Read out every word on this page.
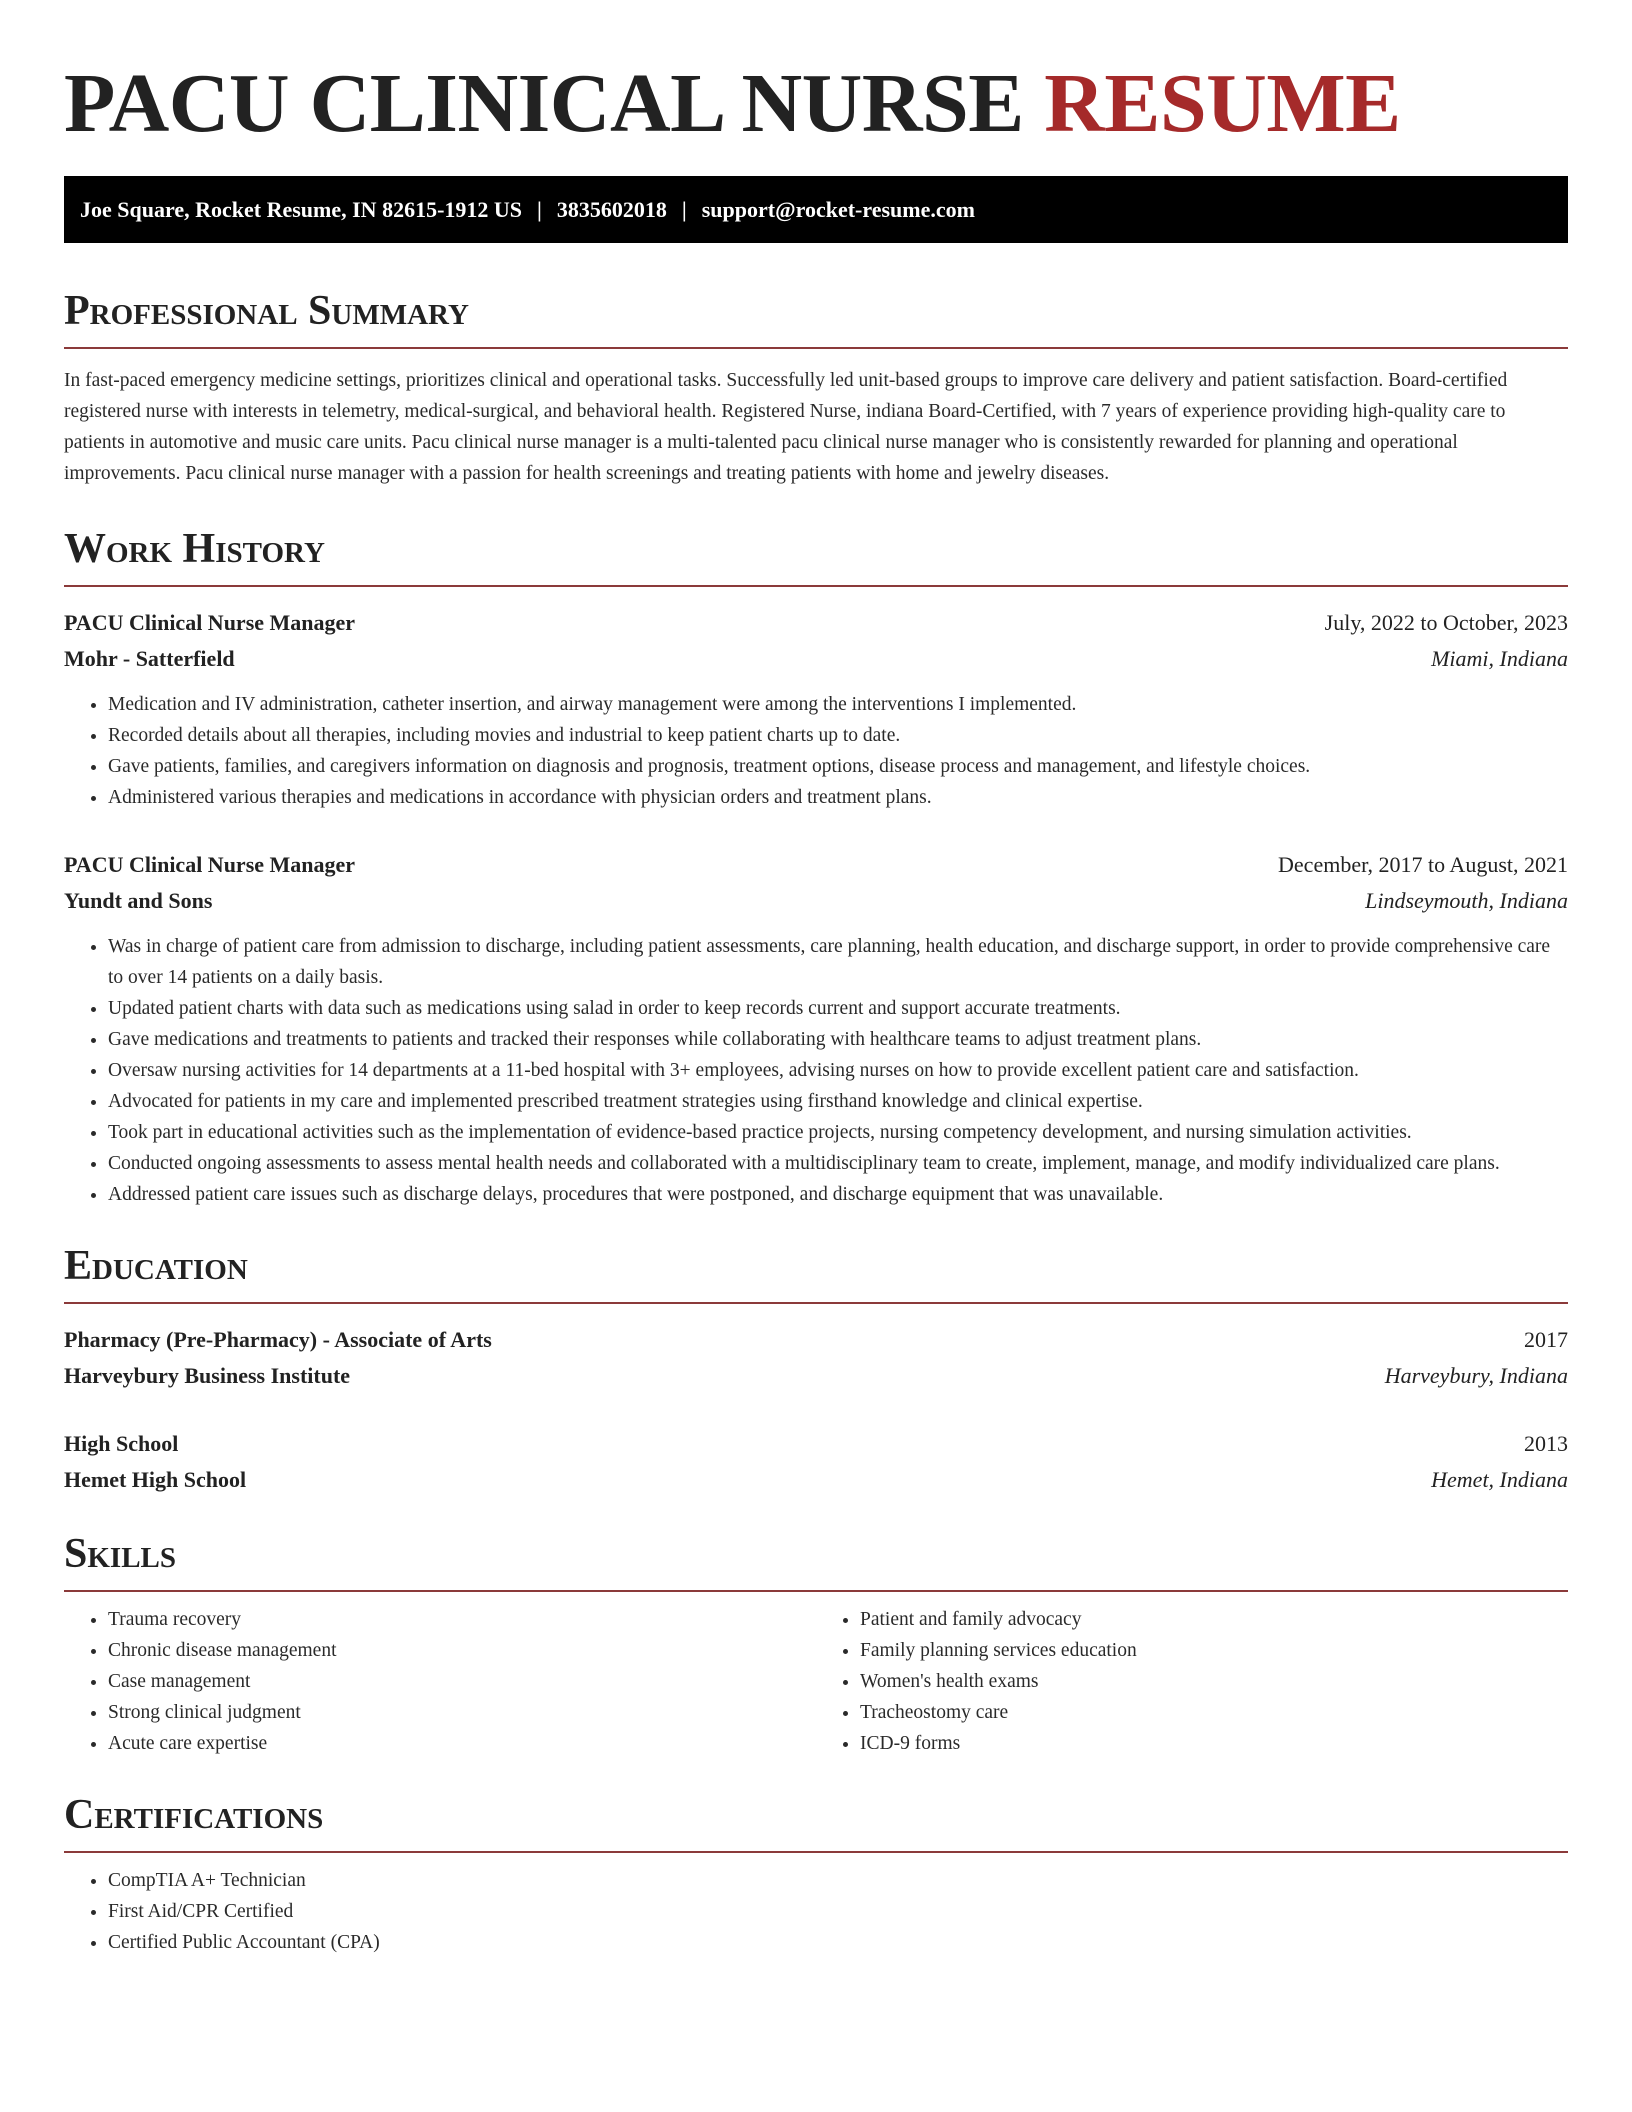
PACU CLINICAL NURSE RESUME
Joe Square, Rocket Resume, IN 82615-1912 US | 3835602018 | support@rocket-resume.com
Professional Summary

In fast-paced emergency medicine settings, prioritizes clinical and operational tasks. Successfully led unit-based groups to improve care delivery and patient satisfaction. Board-certified registered nurse with interests in telemetry, medical-surgical, and behavioral health. Registered Nurse, indiana Board-Certified, with 7 years of experience providing high-quality care to patients in automotive and music care units. Pacu clinical nurse manager is a multi-talented pacu clinical nurse manager who is consistently rewarded for planning and operational improvements. Pacu clinical nurse manager with a passion for health screenings and treating patients with home and jewelry diseases.

Work History
PACU Clinical Nurse Manager	July, 2022 to October, 2023
Mohr - Satterfield	Miami, Indiana
• Medication and IV administration, catheter insertion, and airway management were among the interventions I implemented.
• Recorded details about all therapies, including movies and industrial to keep patient charts up to date.
• Gave patients, families, and caregivers information on diagnosis and prognosis, treatment options, disease process and management, and lifestyle choices.
• Administered various therapies and medications in accordance with physician orders and treatment plans.
PACU Clinical Nurse Manager	December, 2017 to August, 2021
Yundt and Sons	Lindseymouth, Indiana
• Was in charge of patient care from admission to discharge, including patient assessments, care planning, health education, and discharge support, in order to provide comprehensive care to over 14 patients on a daily basis.
• Updated patient charts with data such as medications using salad in order to keep records current and support accurate treatments.
• Gave medications and treatments to patients and tracked their responses while collaborating with healthcare teams to adjust treatment plans.
• Oversaw nursing activities for 14 departments at a 11-bed hospital with 3+ employees, advising nurses on how to provide excellent patient care and satisfaction.
• Advocated for patients in my care and implemented prescribed treatment strategies using firsthand knowledge and clinical expertise.
• Took part in educational activities such as the implementation of evidence-based practice projects, nursing competency development, and nursing simulation activities.
• Conducted ongoing assessments to assess mental health needs and collaborated with a multidisciplinary team to create, implement, manage, and modify individualized care plans.
• Addressed patient care issues such as discharge delays, procedures that were postponed, and discharge equipment that was unavailable.
Education
Pharmacy (Pre-Pharmacy) - Associate of Arts	2017
Harveybury Business Institute	Harveybury, Indiana
High School	2013
Hemet High School	Hemet, Indiana
Skills
• Trauma recovery
• Chronic disease management
• Case management
• Strong clinical judgment
• Acute care expertise
• Patient and family advocacy
• Family planning services education
• Women's health exams
• Tracheostomy care
• ICD-9 forms
Certifications
• CompTIA A+ Technician
• First Aid/CPR Certified
• Certified Public Accountant (CPA)
